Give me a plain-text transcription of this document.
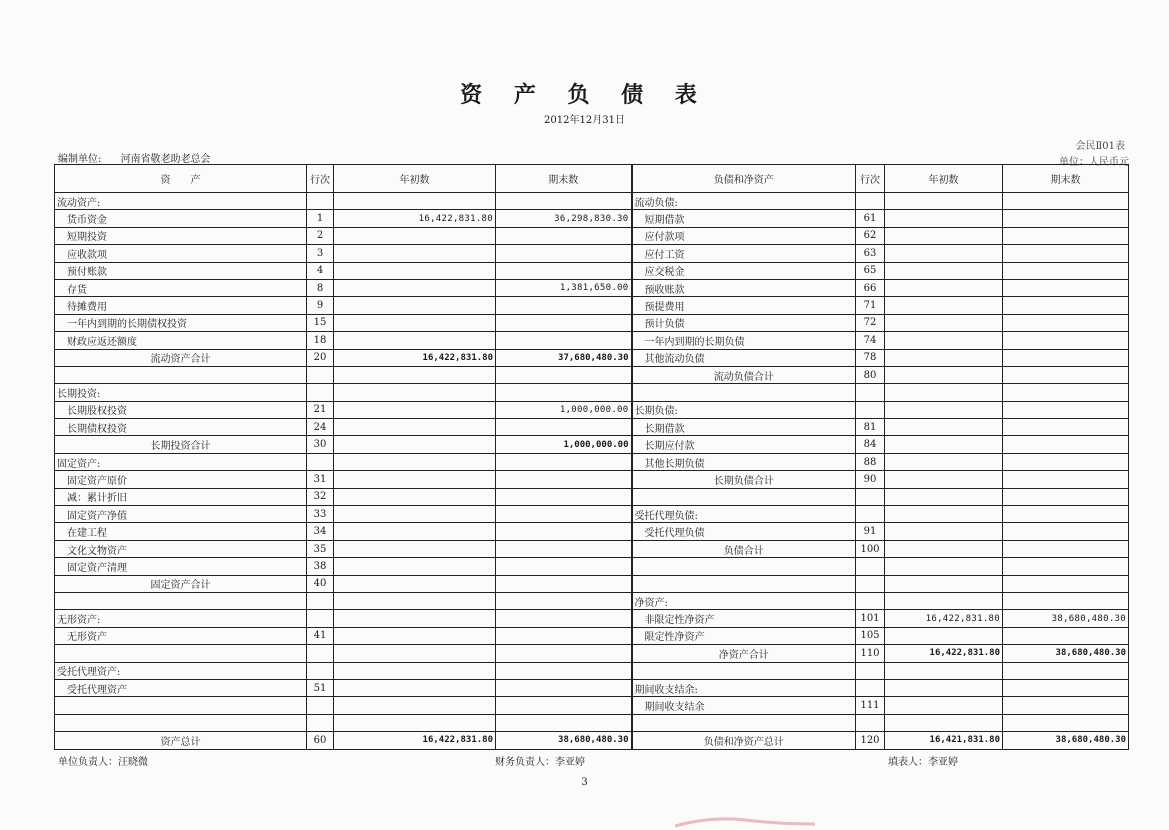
资 产 负 债 表
2012年12月31日
会民Ⅱ01表
编制单位: 河南省敬老助老总会	单位：人民币元
资　　产	行次	年初数	期末数	负债和净资产	行次	年初数	期末数
流动资产:				流动负债:			
货币资金	1	16,422,831.80	36,298,830.30	短期借款	61		
短期投资	2			应付款项	62		
应收款项	3			应付工资	63		
预付账款	4			应交税金	65		
存货	8		1,381,650.00	预收账款	66		
待摊费用	9			预提费用	71		
一年内到期的长期债权投资	15			预计负债	72		
财政应返还额度	18			一年内到期的长期负债	74		
流动资产合计	20	16,422,831.80	37,680,480.30	其他流动负债	78		
				流动负债合计	80		
长期投资:							
长期股权投资	21		1,000,000.00	长期负债:			
长期债权投资	24			长期借款	81		
长期投资合计	30		1,000,000.00	长期应付款	84		
固定资产:				其他长期负债	88		
固定资产原价	31			长期负债合计	90		
减：累计折旧	32						
固定资产净值	33			受托代理负债:			
在建工程	34			受托代理负债	91		
文化文物资产	35			负债合计	100		
固定资产清理	38						
固定资产合计	40						
				净资产:			
无形资产:				非限定性净资产	101	16,422,831.80	38,680,480.30
无形资产	41			限定性净资产	105		
				净资产合计	110	16,422,831.80	38,680,480.30
受托代理资产:							
受托代理资产	51			期间收支结余:			
				期间收支结余	111		

资产总计	60	16,422,831.80	38,680,480.30	负债和净资产总计	120	16,421,831.80	38,680,480.30
单位负责人：汪晓微	财务负责人：李亚婷	填表人：李亚婷
3
